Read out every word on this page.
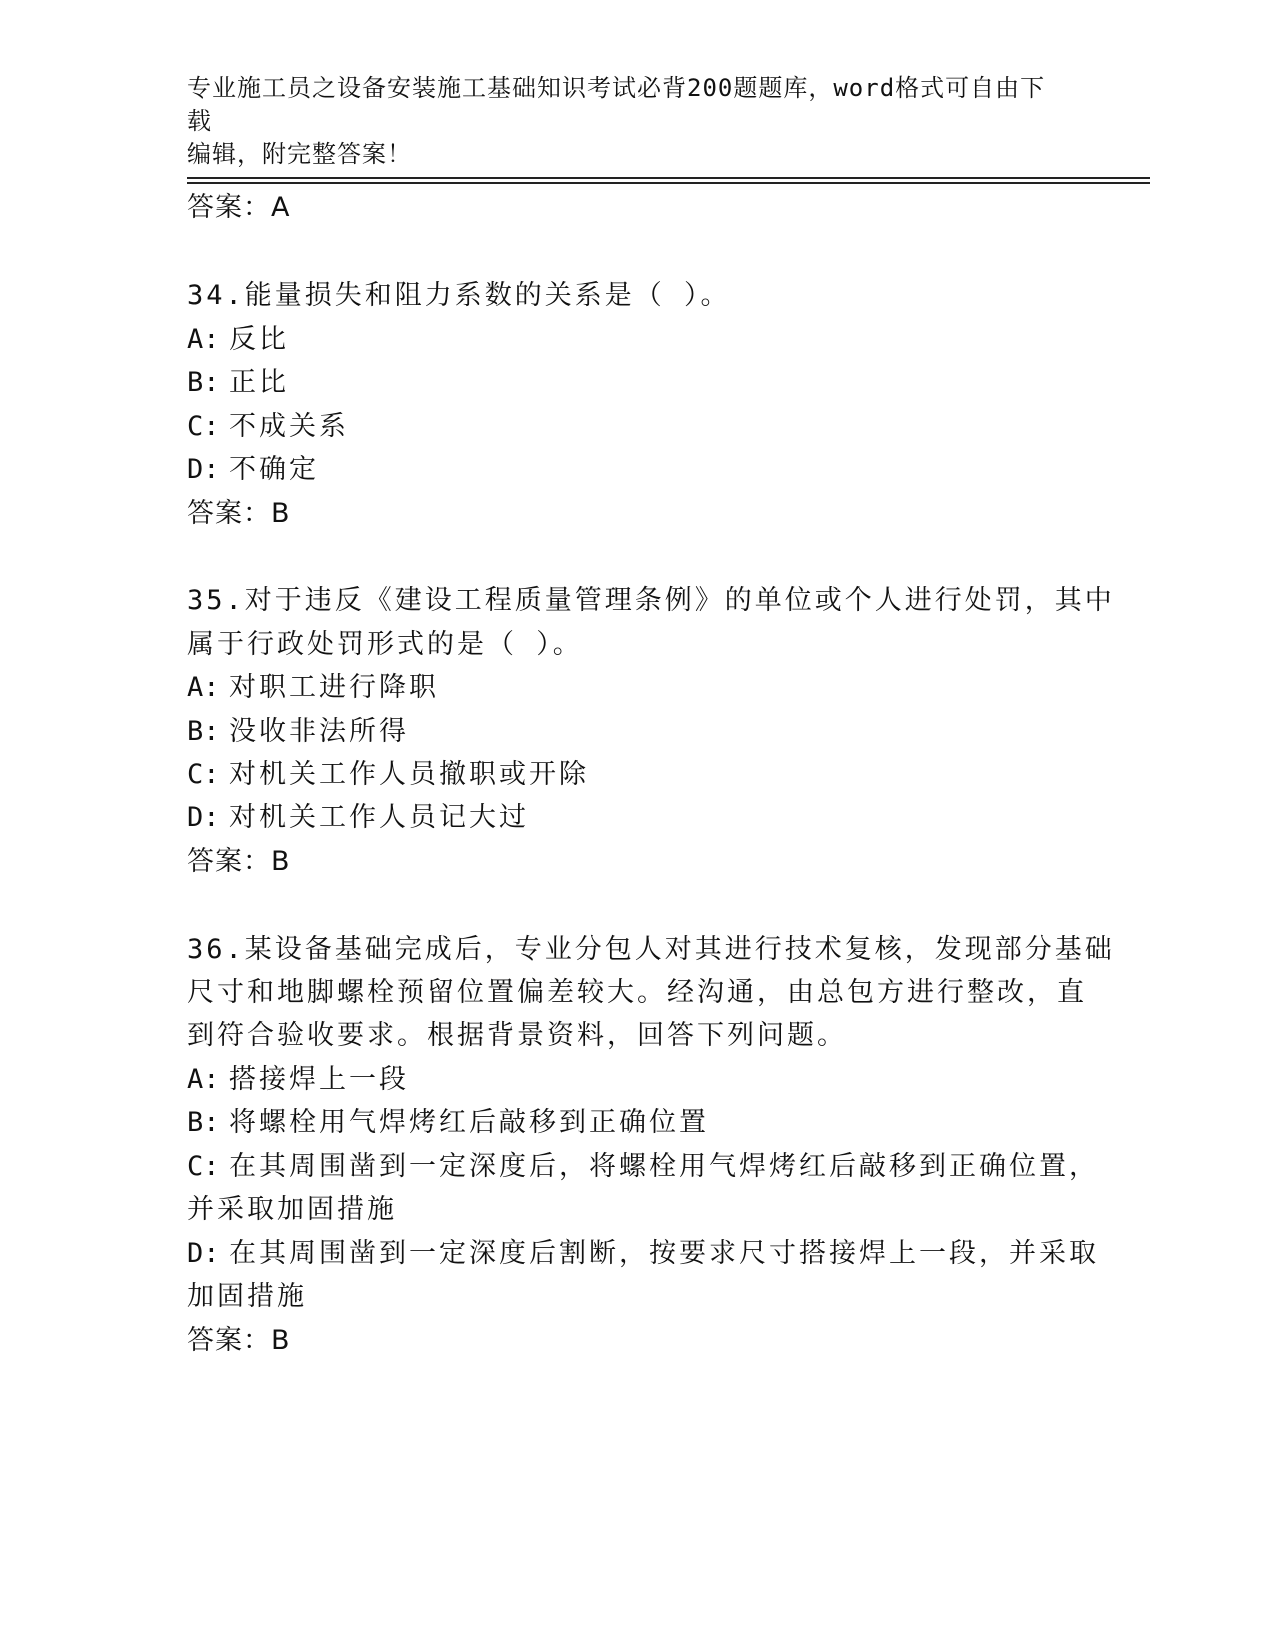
专业施工员之设备安装施工基础知识考试必背200题题库，word格式可自由下载
编辑，附完整答案！
答案：A
34.能量损失和阻力系数的关系是（ ）。
A: 反比
B: 正比
C: 不成关系
D: 不确定
答案：B
35.对于违反《建设工程质量管理条例》的单位或个人进行处罚，其中
属于行政处罚形式的是（ ）。
A: 对职工进行降职
B: 没收非法所得
C: 对机关工作人员撤职或开除
D: 对机关工作人员记大过
答案：B
36.某设备基础完成后，专业分包人对其进行技术复核，发现部分基础
尺寸和地脚螺栓预留位置偏差较大。经沟通，由总包方进行整改，直
到符合验收要求。根据背景资料，回答下列问题。
A: 搭接焊上一段
B: 将螺栓用气焊烤红后敲移到正确位置
C: 在其周围凿到一定深度后，将螺栓用气焊烤红后敲移到正确位置，
并采取加固措施
D: 在其周围凿到一定深度后割断，按要求尺寸搭接焊上一段，并采取
加固措施
答案：B
